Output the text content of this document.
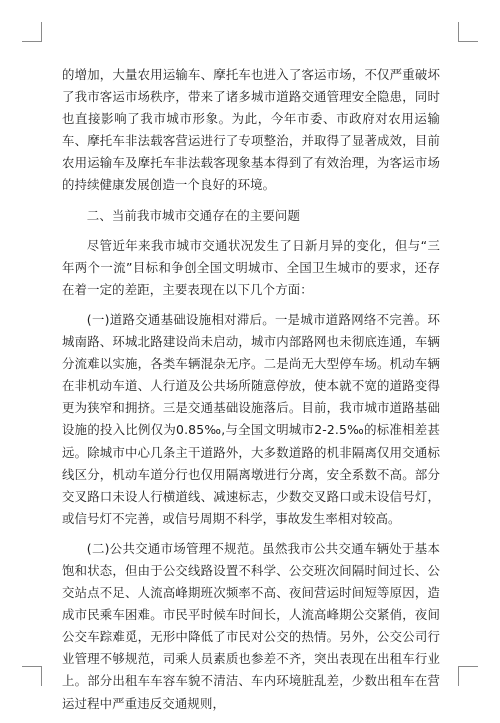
的增加，大量农用运输车、摩托车也进入了客运市场，不仅严重破坏了我市客运市场秩序，带来了诸多城市道路交通管理安全隐患，同时也直接影响了我市城市形象。为此，今年市委、市政府对农用运输车、摩托车非法载客营运进行了专项整治，并取得了显著成效，目前农用运输车及摩托车非法载客现象基本得到了有效治理，为客运市场的持续健康发展创造一个良好的环境。

二、当前我市城市交通存在的主要问题

尽管近年来我市城市交通状况发生了日新月异的变化，但与“三年两个一流”目标和争创全国文明城市、全国卫生城市的要求，还存在着一定的差距，主要表现在以下几个方面：

(一)道路交通基础设施相对滞后。一是城市道路网络不完善。环城南路、环城北路建设尚未启动，城市内部路网也未彻底连通，车辆分流难以实施，各类车辆混杂无序。二是尚无大型停车场。机动车辆在非机动车道、人行道及公共场所随意停放，使本就不宽的道路变得更为狭窄和拥挤。三是交通基础设施落后。目前，我市城市道路基础设施的投入比例仅为0.85‰,与全国文明城市2-2.5‰的标准相差甚远。除城市中心几条主干道路外，大多数道路的机非隔离仅用交通标线区分，机动车道分行也仅用隔离墩进行分离，安全系数不高。部分交叉路口未设人行横道线、减速标志，少数交叉路口或未设信号灯，或信号灯不完善，或信号周期不科学，事故发生率相对较高。

(二)公共交通市场管理不规范。虽然我市公共交通车辆处于基本饱和状态，但由于公交线路设置不科学、公交班次间隔时间过长、公交站点不足、人流高峰期班次频率不高、夜间营运时间短等原因，造成市民乘车困难。市民平时候车时间长，人流高峰期公交紧俏，夜间公交车踪难觅，无形中降低了市民对公交的热情。另外，公交公司行业管理不够规范，司乘人员素质也参差不齐，突出表现在出租车行业上。部分出租车车容车貌不清洁、车内环境脏乱差，少数出租车在营运过程中严重违反交通规则，
